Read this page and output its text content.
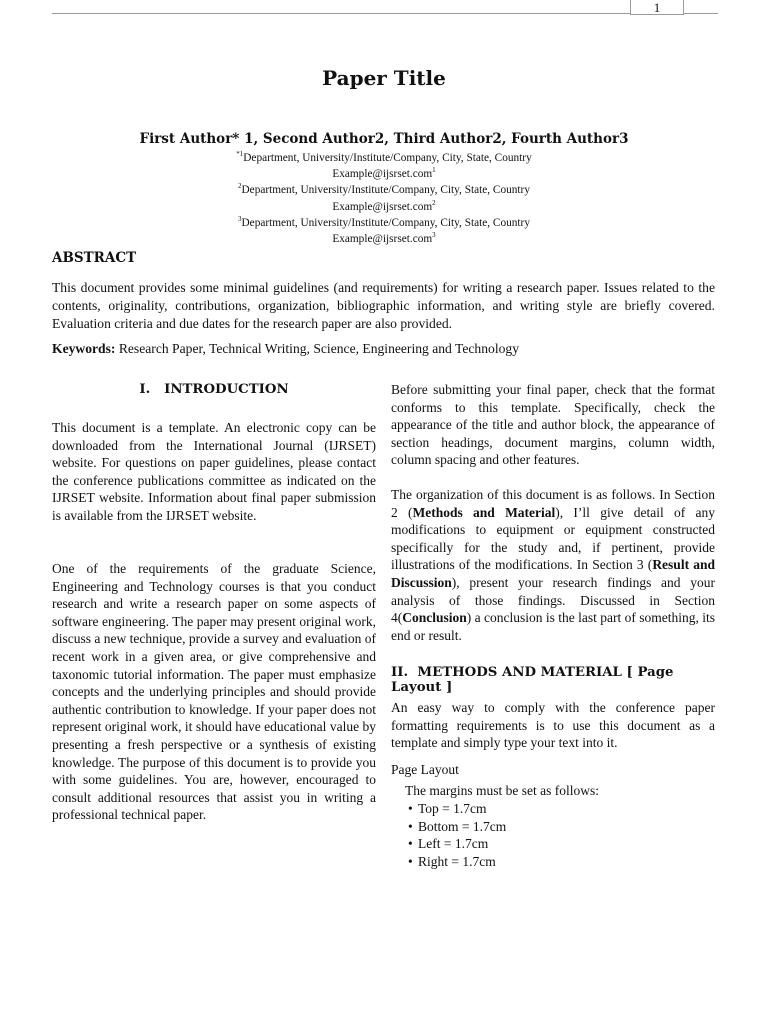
1
Paper Title
First Author* 1, Second Author2, Third Author2, Fourth Author3
$^{*1}$Department, University/Institute/Company, City, State, Country
Example@ijsrset.com$^1$
$^2$Department, University/Institute/Company, City, State, Country
Example@ijsrset.com$^2$
$^3$Department, University/Institute/Company, City, State, Country
Example@ijsrset.com$^3$
ABSTRACT

This document provides some minimal guidelines (and requirements) for writing a research paper. Issues related to the contents, originality, contributions, organization, bibliographic information, and writing style are briefly covered. Evaluation criteria and due dates for the research paper are also provided.

Keywords: Research Paper, Technical Writing, Science, Engineering and Technology
I. INTRODUCTION

This document is a template. An electronic copy can be downloaded from the International Journal (IJRSET) website. For questions on paper guidelines, please contact the conference publications committee as indicated on the IJRSET website. Information about final paper submission is available from the IJRSET website.

One of the requirements of the graduate Science, Engineering and Technology courses is that you conduct research and write a research paper on some aspects of software engineering. The paper may present original work, discuss a new technique, provide a survey and evaluation of recent work in a given area, or give comprehensive and taxonomic tutorial information. The paper must emphasize concepts and the underlying principles and should provide authentic contribution to knowledge. If your paper does not represent original work, it should have educational value by presenting a fresh perspective or a synthesis of existing knowledge. The purpose of this document is to provide you with some guidelines. You are, however, encouraged to consult additional resources that assist you in writing a professional technical paper.

Before submitting your final paper, check that the format conforms to this template. Specifically, check the appearance of the title and author block, the appearance of section headings, document margins, column width, column spacing and other features.

The organization of this document is as follows. In Section 2 (Methods and Material), I’ll give detail of any modifications to equipment or equipment constructed specifically for the study and, if pertinent, provide illustrations of the modifications. In Section 3 (Result and Discussion), present your research findings and your analysis of those findings. Discussed in Section 4(Conclusion) a conclusion is the last part of something, its end or result.

II. METHODS AND MATERIAL [ Page Layout ]

An easy way to comply with the conference paper formatting requirements is to use this document as a template and simply type your text into it.

Page Layout
The margins must be set as follows:
• Top = 1.7cm
• Bottom = 1.7cm
• Left = 1.7cm
• Right = 1.7cm
